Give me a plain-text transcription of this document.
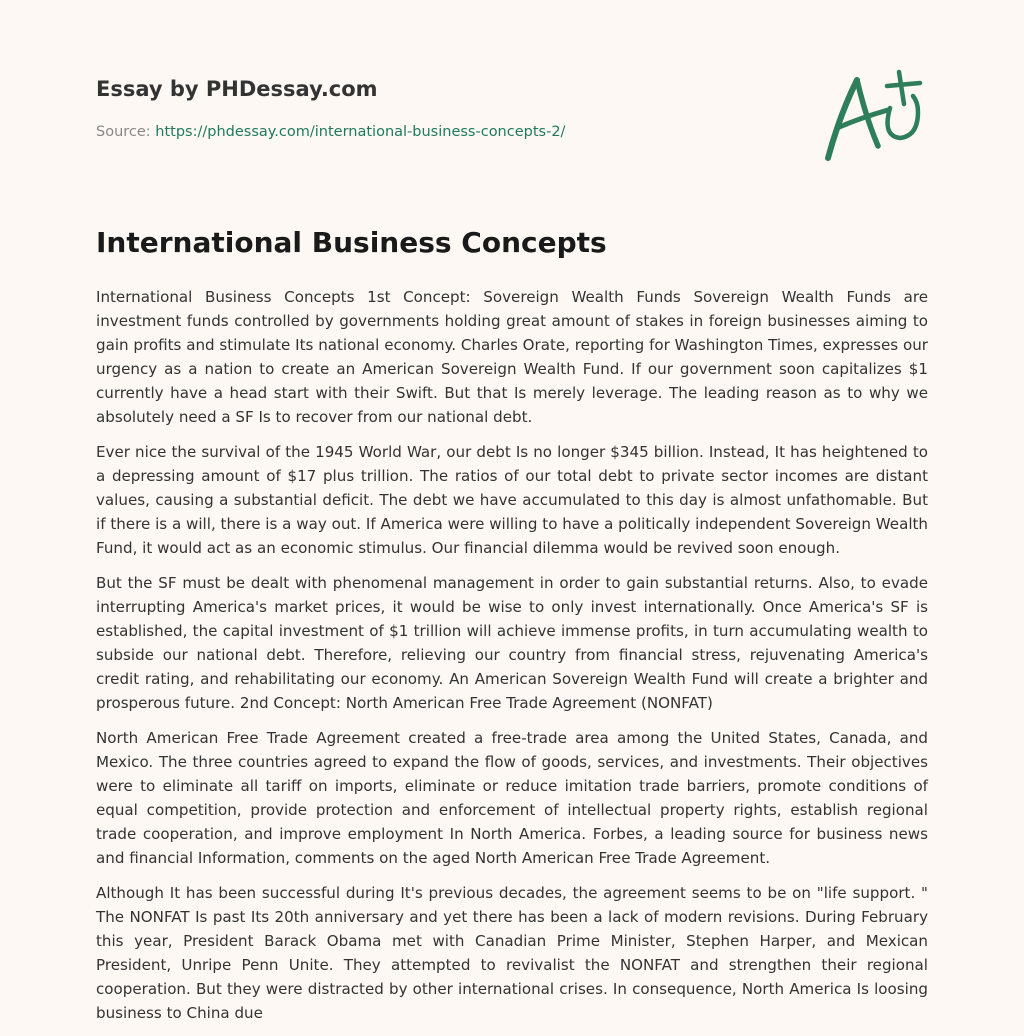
Essay by PHDessay.com
Source: https://phdessay.com/international-business-concepts-2/
International Business Concepts

International Business Concepts 1st Concept: Sovereign Wealth Funds Sovereign Wealth Funds are investment funds controlled by governments holding great amount of stakes in foreign businesses aiming to gain profits and stimulate Its national economy. Charles Orate, reporting for Washington Times, expresses our urgency as a nation to create an American Sovereign Wealth Fund. If our government soon capitalizes $1 currently have a head start with their Swift. But that Is merely leverage. The leading reason as to why we absolutely need a SF Is to recover from our national debt.

Ever nice the survival of the 1945 World War, our debt Is no longer $345 billion. Instead, It has heightened to a depressing amount of $17 plus trillion. The ratios of our total debt to private sector incomes are distant values, causing a substantial deficit. The debt we have accumulated to this day is almost unfathomable. But if there is a will, there is a way out. If America were willing to have a politically independent Sovereign Wealth Fund, it would act as an economic stimulus. Our financial dilemma would be revived soon enough.

But the SF must be dealt with phenomenal management in order to gain substantial returns. Also, to evade interrupting America's market prices, it would be wise to only invest internationally. Once America's SF is established, the capital investment of $1 trillion will achieve immense profits, in turn accumulating wealth to subside our national debt. Therefore, relieving our country from financial stress, rejuvenating America's credit rating, and rehabilitating our economy. An American Sovereign Wealth Fund will create a brighter and prosperous future. 2nd Concept: North American Free Trade Agreement (NONFAT)

North American Free Trade Agreement created a free-trade area among the United States, Canada, and Mexico. The three countries agreed to expand the flow of goods, services, and investments. Their objectives were to eliminate all tariff on imports, eliminate or reduce imitation trade barriers, promote conditions of equal competition, provide protection and enforcement of intellectual property rights, establish regional trade cooperation, and improve employment In North America. Forbes, a leading source for business news and financial Information, comments on the aged North American Free Trade Agreement.

Although It has been successful during It's previous decades, the agreement seems to be on "life support. " The NONFAT Is past Its 20th anniversary and yet there has been a lack of modern revisions. During February this year, President Barack Obama met with Canadian Prime Minister, Stephen Harper, and Mexican President, Unripe Penn Unite. They attempted to revivalist the NONFAT and strengthen their regional cooperation. But they were distracted by other international crises. In consequence, North America Is loosing business to China due
